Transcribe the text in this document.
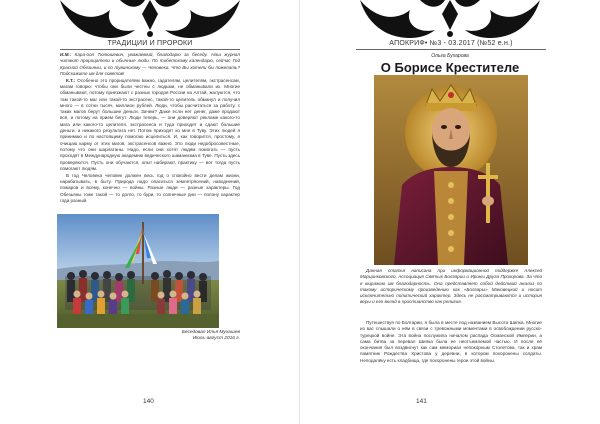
ТРАДИЦИИ И ПРОРОКИ

И.М.: Кара-оол Тюлюшевич, уважаемый, благодарю за беседу. Наш журнал читают прорицатели и обычные люди. По тибетскому календарю, сейчас Год Красной Обезьяны, и по тувинскому — Человека. Что Вы хотели бы пожелать? Подскажите им для советов!

К.Т.: Особенно это прорицателям важно, гадателям, целителям, экстрасенсам, магам говорю: чтобы они были честны с людьми, не обманывали их. Многие обманывают, потому приезжают с разных городов России на Алтай, жалуются, что там такой-то маг или такой-то экстрасенс, такой-то целитель обманул и получил много — в сотни тысяч, миллион рублей. Люди, чтобы расчитаться за работу, с таких магов берут большие деньги. Зачем? Даже если нет денег, даже продают всё, и потому на прием бегут. Люди теперь, — они доверяют рекламе какого-то мага или какого-то целителя, экстрасенса и туда приходят и сдают большие деньги, а никакого результата нет. Потом приходят ко мне в Туву. Этих людей я принимаю и по настоящему помогаю исцелиться. И, как говорится, простому, я очищаю карму от этих магов, экстрасенсов важно. Это люди недобросовестные, потому что они шарлатаны. Надо, если они хотят людям помогать — пусть проходят в Международную академию ведического шаманизма в Туве. Пусть здесь проверяются. Пусть они обучаются, опыт набирают, практику — вот тогда пусть помогают людям.

В год Человека человек должен весь год о спокойно вести делам жизни, нарабатывать, в быту. Природа надо опасаться землетрясений, наводнений, пожаров и всему, конечно — войны. Разные люди — разные характеры. Год Обезьяны тоже такой — то долго, то бури, то солнечные дни — полону характер года разный.

Беседовал Илья Мухашев
Июль-август 2016 г.
140
АПОКРИФ• №3 - 03.2017 (№52 е.н.)
Ольга Бухарова
О Борисе Крестителе

Данная статья написана при информационной поддержке Алексей Марцинковского, Ассоциация Святых Болгарии и Ирины Друга Прохорова. За что я выражаю им благодарность. Она представляет собой действий анализ по такому историческому произведению как «Болгары» Маковецкий и носит исключительно политический характер. Здесь не рассматриваются и история веры и его вклад в христианство как религия.

Путешествуя по Болгарии, я была в месте под названием Высота Шипка. Многие из вас слышали о нём в связи с тревожными моментами в освобождении русско-турецкой войне. Эта война послужила началом распада Османской Империи, а сама битва за перевал Шипка была ее неотъемлемой частью. И после её окончания был воздвигнут как сам мемориал непокорным Столетова, так и храм памятник Рождества Христова у деревни, в котором похоронены солдаты. Неподалёку есть кладбища, где похоронены герои этой войны.

141
